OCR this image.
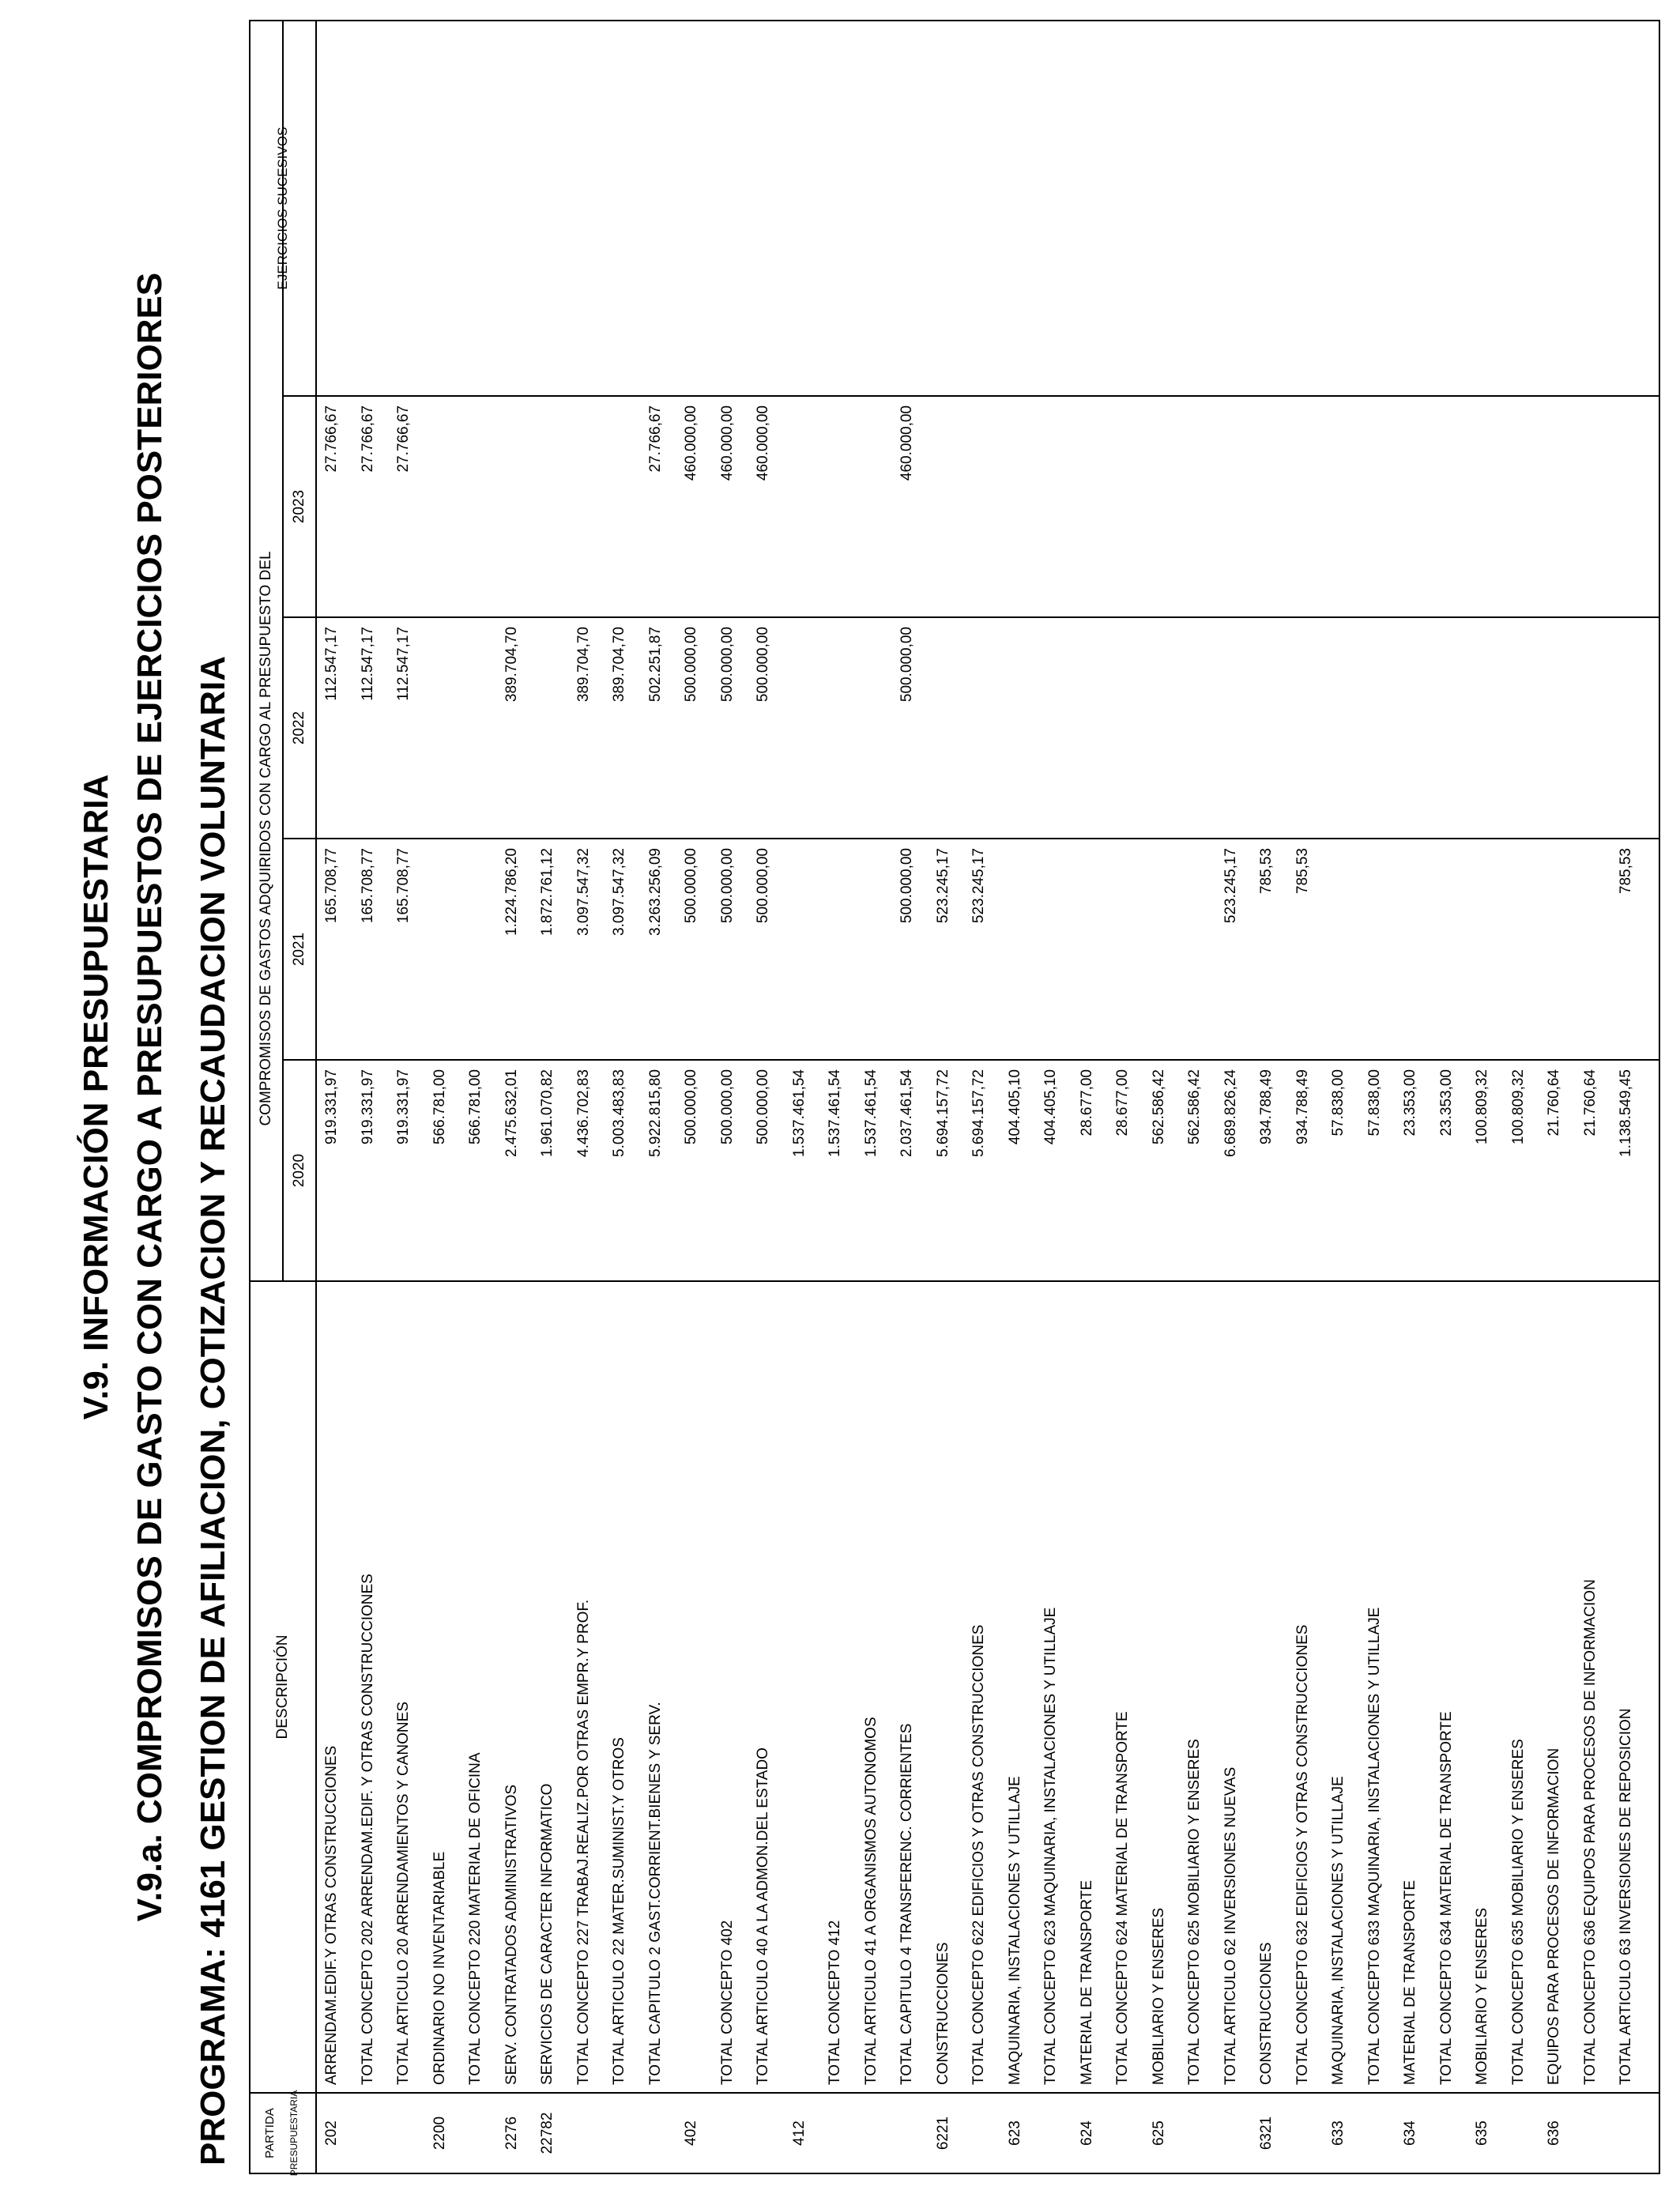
V.9. INFORMACIÓN PRESUPUESTARIA V.9.a. COMPROMISOS DE GASTO CON CARGO A PRESUPUESTOS DE EJERCICIOS POSTERIORES PROGRAMA: 4161 GESTION DE AFILIACION, COTIZACION Y RECAUDACION VOLUNTARIA	PARTIDA	PRESUPUESTARIA
DESCRIPCIÓN
COMPROMISOS DE GASTOS ADQUIRIDOS CON CARGO AL PRESUPUESTO DEL
2020
2021
2022
2023
EJERCICIOS SUCESIVOS
202
ARRENDAM.EDIF.Y OTRAS CONSTRUCCIONES
919.331,97
165.708,77
112.547,17
27.766,67
TOTAL CONCEPTO 202 ARRENDAM.EDIF. Y OTRAS CONSTRUCCIONES
919.331,97
165.708,77
112.547,17
27.766,67
TOTAL ARTICULO 20 ARRENDAMIENTOS Y CANONES
919.331,97
165.708,77
112.547,17
27.766,67
2200
ORDINARIO NO INVENTARIABLE
566.781,00
TOTAL CONCEPTO 220 MATERIAL DE OFICINA
566.781,00
2276
SERV. CONTRATADOS ADMINISTRATIVOS
2.475.632,01
1.224.786,20
389.704,70
22782
SERVICIOS DE CARACTER INFORMATICO
1.961.070,82
1.872.761,12
TOTAL CONCEPTO 227 TRABAJ.REALIZ.POR OTRAS EMPR.Y PROF.
4.436.702,83
3.097.547,32
389.704,70
TOTAL ARTICULO 22 MATER.SUMINIST.Y OTROS
5.003.483,83
3.097.547,32
389.704,70
TOTAL CAPITULO 2 GAST.CORRIENT.BIENES Y SERV.
5.922.815,80
3.263.256,09
502.251,87
27.766,67
402
500.000,00
500.000,00
500.000,00
460.000,00
TOTAL CONCEPTO 402
500.000,00
500.000,00
500.000,00
460.000,00
TOTAL ARTICULO 40 A LA ADMON.DEL ESTADO
500.000,00
500.000,00
500.000,00
460.000,00
412
1.537.461,54
TOTAL CONCEPTO 412
1.537.461,54
TOTAL ARTICULO 41 A ORGANISMOS AUTONOMOS
1.537.461,54
TOTAL CAPITULO 4 TRANSFERENC. CORRIENTES
2.037.461,54
500.000,00
500.000,00
460.000,00
6221
CONSTRUCCIONES
5.694.157,72
523.245,17
TOTAL CONCEPTO 622 EDIFICIOS Y OTRAS CONSTRUCCIONES
5.694.157,72
523.245,17
623
MAQUINARIA, INSTALACIONES Y UTILLAJE
404.405,10
TOTAL CONCEPTO 623 MAQUINARIA, INSTALACIONES Y UTILLAJE
404.405,10
624
MATERIAL DE TRANSPORTE
28.677,00
TOTAL CONCEPTO 624 MATERIAL DE TRANSPORTE
28.677,00
625
MOBILIARIO Y ENSERES
562.586,42
TOTAL CONCEPTO 625 MOBILIARIO Y ENSERES
562.586,42
TOTAL ARTICULO 62 INVERSIONES NUEVAS
6.689.826,24
523.245,17
6321
CONSTRUCCIONES
934.788,49
785,53
TOTAL CONCEPTO 632 EDIFICIOS Y OTRAS CONSTRUCCIONES
934.788,49
785,53
633
MAQUINARIA, INSTALACIONES Y UTILLAJE
57.838,00
TOTAL CONCEPTO 633 MAQUINARIA, INSTALACIONES Y UTILLAJE
57.838,00
634
MATERIAL DE TRANSPORTE
23.353,00
TOTAL CONCEPTO 634 MATERIAL DE TRANSPORTE
23.353,00
635
MOBILIARIO Y ENSERES
100.809,32
TOTAL CONCEPTO 635 MOBILIARIO Y ENSERES
100.809,32
636
EQUIPOS PARA PROCESOS DE INFORMACION
21.760,64
TOTAL CONCEPTO 636 EQUIPOS PARA PROCESOS DE INFORMACION
21.760,64
TOTAL ARTICULO 63 INVERSIONES DE REPOSICION
1.138.549,45
785,53
